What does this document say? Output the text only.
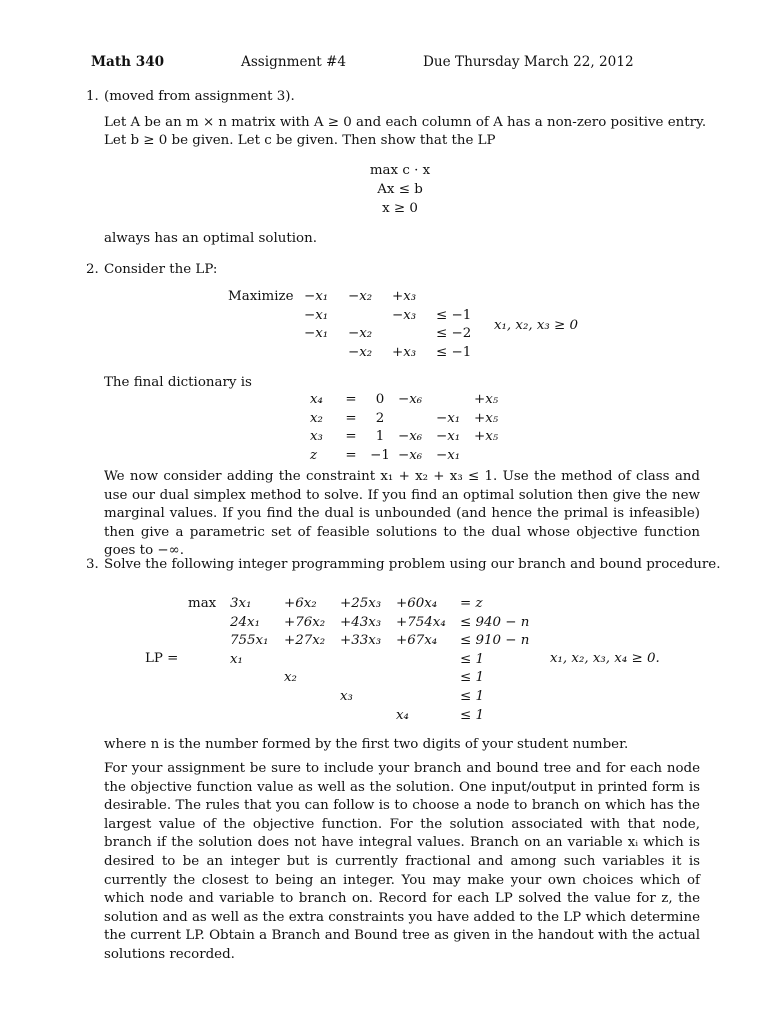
Math 340	Assignment #4	Due Thursday March 22, 2012
1. (moved from assignment 3).
Let A be an m × n matrix with A ≥ 0 and each column of A has a non-zero positive entry.
Let b ≥ 0 be given. Let c be given. Then show that the LP
max c · x
Ax ≤ b
x ≥ 0
always has an optimal solution.
2. Consider the LP:
Maximize −x₁	−x₂	+x₃	
−x₁		−x₃	≤ −1
−x₁	−x₂		≤ −2
	−x₂	+x₃	≤ −1
x₁, x₂, x₃ ≥ 0
The final dictionary is
x₄	=	0	−x₆		+x₅
x₂	=	2		−x₁	+x₅
x₃	=	1	−x₆	−x₁	+x₅
z	=	−1	−x₆	−x₁	
We now consider adding the constraint x₁ + x₂ + x₃ ≤ 1. Use the method of class and use our dual simplex method to solve. If you find an optimal solution then give the new marginal values. If you find the dual is unbounded (and hence the primal is infeasible) then give a parametric set of feasible solutions to the dual whose objective function goes to −∞.
3. Solve the following integer programming problem using our branch and bound procedure.
LP =
max 3x₁	+6x₂	+25x₃	+60x₄	= z
24x₁	+76x₂	+43x₃	+754x₄	≤ 940 − n
755x₁	+27x₂	+33x₃	+67x₄	≤ 910 − n
x₁				≤ 1
	x₂			≤ 1
		x₃		≤ 1
			x₄	≤ 1
x₁, x₂, x₃, x₄ ≥ 0.
where n is the number formed by the first two digits of your student number.
For your assignment be sure to include your branch and bound tree and for each node the objective function value as well as the solution. One input/output in printed form is desirable. The rules that you can follow is to choose a node to branch on which has the largest value of the objective function. For the solution associated with that node, branch if the solution does not have integral values. Branch on an variable xᵢ which is desired to be an integer but is currently fractional and among such variables it is currently the closest to being an integer. You may make your own choices which of which node and variable to branch on. Record for each LP solved the value for z, the solution and as well as the extra constraints you have added to the LP which determine the current LP. Obtain a Branch and Bound tree as given in the handout with the actual solutions recorded.
